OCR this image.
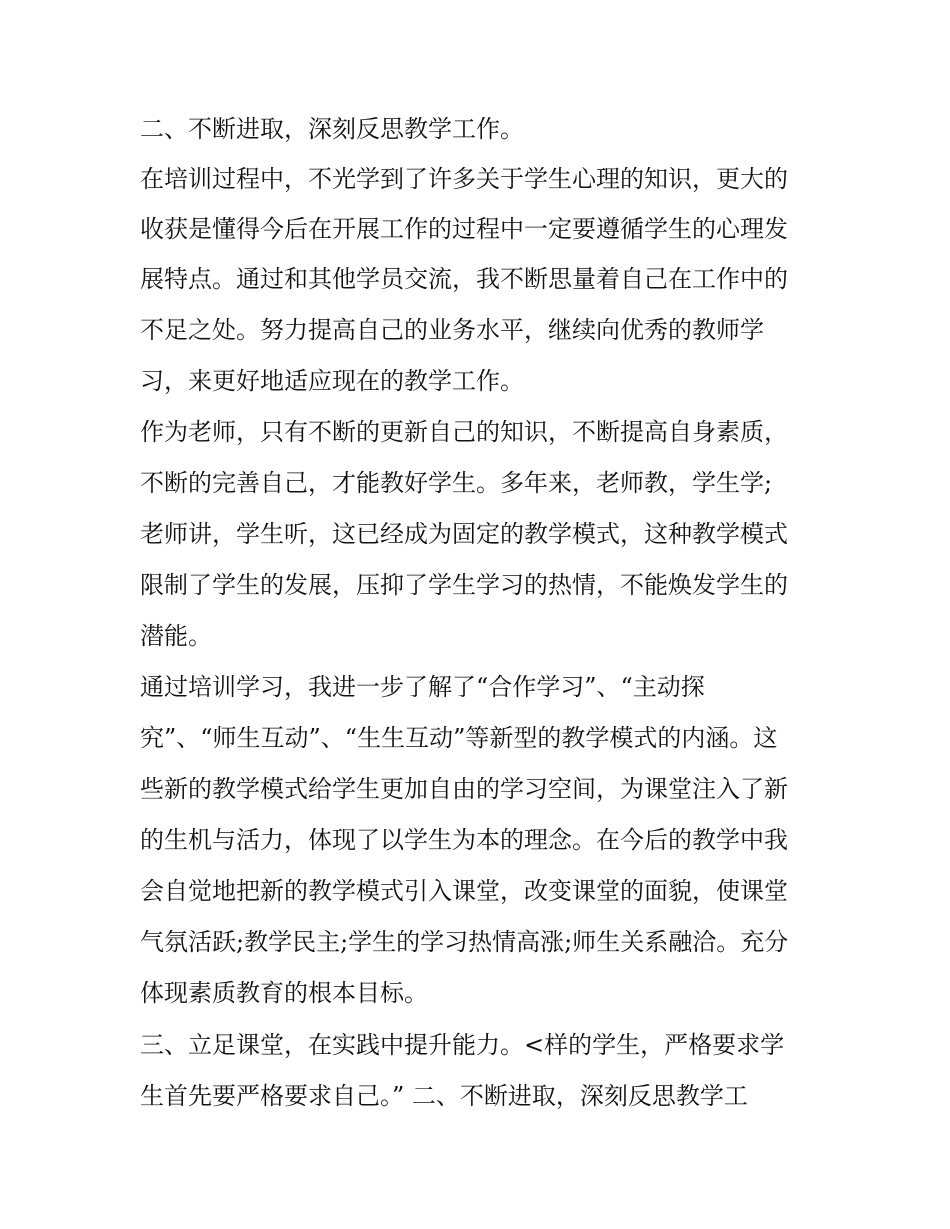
二、不断进取，深刻反思教学工作。
在培训过程中，不光学到了许多关于学生心理的知识，更大的
收获是懂得今后在开展工作的过程中一定要遵循学生的心理发
展特点。通过和其他学员交流，我不断思量着自己在工作中的
不足之处。努力提高自己的业务水平，继续向优秀的教师学
习，来更好地适应现在的教学工作。
作为老师，只有不断的更新自己的知识，不断提高自身素质，
不断的完善自己，才能教好学生。多年来，老师教，学生学;
老师讲，学生听，这已经成为固定的教学模式，这种教学模式
限制了学生的发展，压抑了学生学习的热情，不能焕发学生的
潜能。
通过培训学习，我进一步了解了“合作学习”、“主动探
究”、“师生互动”、“生生互动”等新型的教学模式的内涵。这
些新的教学模式给学生更加自由的学习空间，为课堂注入了新
的生机与活力，体现了以学生为本的理念。在今后的教学中我
会自觉地把新的教学模式引入课堂，改变课堂的面貌，使课堂
气氛活跃;教学民主;学生的学习热情高涨;师生关系融洽。充分
体现素质教育的根本目标。
三、立足课堂，在实践中提升能力。<样的学生，严格要求学
生首先要严格要求自己。” 二、不断进取，深刻反思教学工
